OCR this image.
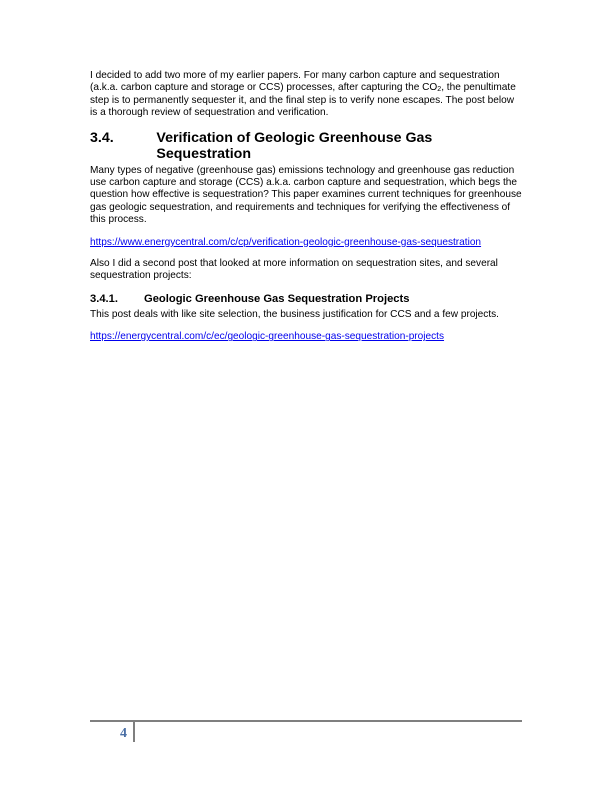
I decided to add two more of my earlier papers. For many carbon capture and sequestration (a.k.a. carbon capture and storage or CCS) processes, after capturing the $CO_2$, the penultimate step is to permanently sequester it, and the final step is to verify none escapes. The post below is a thorough review of sequestration and verification.

3.4.	Verification of Geologic Greenhouse Gas Sequestration

Many types of negative (greenhouse gas) emissions technology and greenhouse gas reduction use carbon capture and storage (CCS) a.k.a. carbon capture and sequestration, which begs the question how effective is sequestration? This paper examines current techniques for greenhouse gas geologic sequestration, and requirements and techniques for verifying the effectiveness of this process.

https://www.energycentral.com/c/cp/verification-geologic-greenhouse-gas-sequestration

Also I did a second post that looked at more information on sequestration sites, and several sequestration projects:

3.4.1.	Geologic Greenhouse Gas Sequestration Projects

This post deals with like site selection, the business justification for CCS and a few projects.

https://energycentral.com/c/ec/geologic-greenhouse-gas-sequestration-projects
4
